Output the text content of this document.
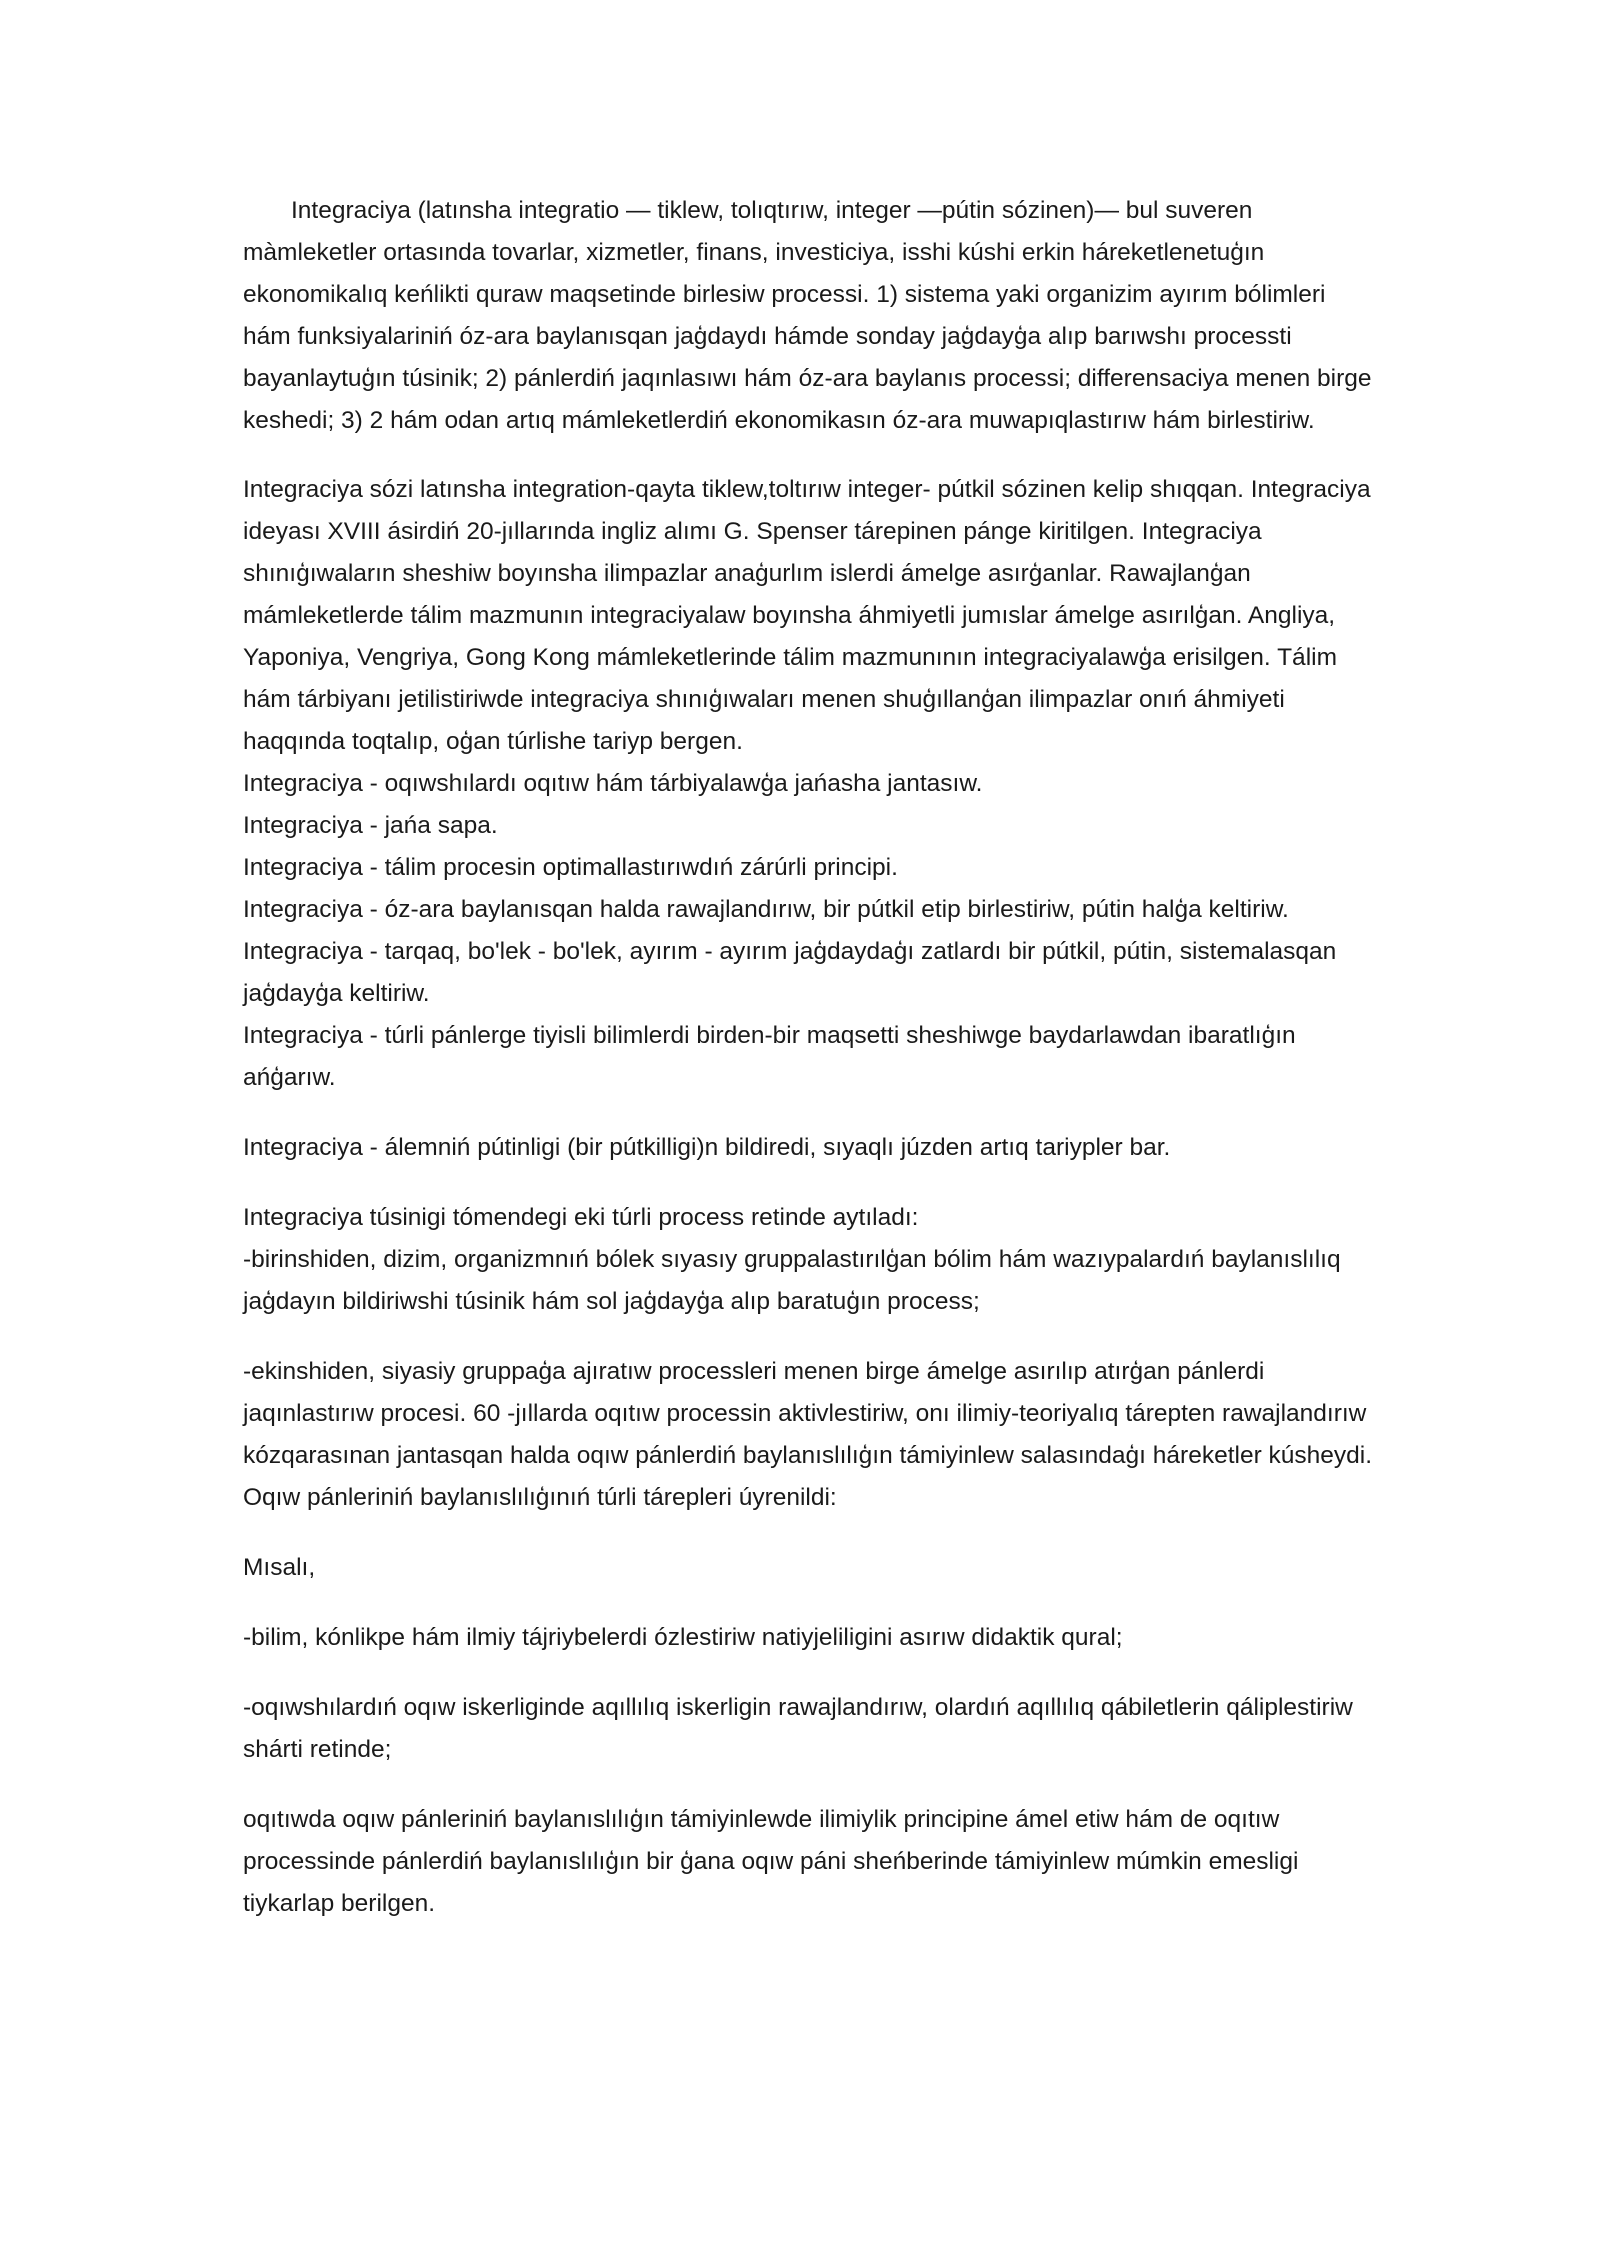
Integraciya (latınsha integratio — tiklew, tolıqtırıw, integer —pútin sózinen)— bul suveren màmleketler ortasında tovarlar, xizmetler, finans, investiciya, isshi kúshi erkin háreketlenetuģın ekonomikalıq keńlikti quraw maqsetinde birlesiw processi. 1) sistema yaki organizim ayırım bólimleri hám funksiyalariniń óz-ara baylanısqan jaģdaydı hámde sonday jaģdayģa alıp barıwshı processti bayanlaytuģın túsinik; 2) pánlerdiń jaqınlasıwı hám óz-ara baylanıs processi; differensaciya menen birge keshedi; 3) 2 hám odan artıq mámleketlerdiń ekonomikasın óz-ara muwapıqlastırıw hám birlestiriw.

Integraciya sózi latınsha integration-qayta tiklew,toltırıw integer- pútkil sózinen kelip shıqqan. Integraciya ideyası XVIII ásirdiń 20-jıllarında ingliz alımı G. Spenser tárepinen pánge kiritilgen. Integraciya shınıģıwaların sheshiw boyınsha ilimpazlar anaģurlım islerdi ámelge asırģanlar. Rawajlanģan mámleketlerde tálim mazmunın integraciyalaw boyınsha áhmiyetli jumıslar ámelge asırılģan. Angliya, Yaponiya, Vengriya, Gong Kong mámleketlerinde tálim mazmunının integraciyalawģa erisilgen. Tálim hám tárbiyanı jetilistiriwde integraciya shınıģıwaları menen shuģıllanģan ilimpazlar onıń áhmiyeti haqqında toqtalıp, oģan túrlishe tariyp bergen.

Integraciya - oqıwshılardı oqıtıw hám tárbiyalawģa jańasha jantasıw.

Integraciya - jańa sapa.

Integraciya - tálim procesin optimallastırıwdıń zárúrli principi.

Integraciya - óz-ara baylanısqan halda rawajlandırıw, bir pútkil etip birlestiriw, pútin halģa keltiriw.

Integraciya - tarqaq, bo'lek - bo'lek, ayırım - ayırım jaģdaydaģı zatlardı bir pútkil, pútin, sistemalasqan jaģdayģa keltiriw.

Integraciya - túrli pánlerge tiyisli bilimlerdi birden-bir maqsetti sheshiwge baydarlawdan ibaratlıģın ańģarıw.

Integraciya - álemniń pútinligi (bir pútkilligi)n bildiredi, sıyaqlı júzden artıq tariypler bar.

Integraciya túsinigi tómendegi eki túrli process retinde aytıladı:

-birinshiden, dizim, organizmnıń bólek sıyasıy gruppalastırılģan bólim hám wazıypalardıń baylanıslılıq jaģdayın bildiriwshi túsinik hám sol jaģdayģa alıp baratuģın process;

-ekinshiden, siyasiy gruppaģa ajıratıw processleri menen birge ámelge asırılıp atırģan pánlerdi jaqınlastırıw procesi. 60 -jıllarda oqıtıw processin aktivlestiriw, onı ilimiy-teoriyalıq tárepten rawajlandırıw kózqarasınan jantasqan halda oqıw pánlerdiń baylanıslılıģın támiyinlew salasındaģı háreketler kúsheydi. Oqıw pánleriniń baylanıslılıģınıń túrli tárepleri úyrenildi:

Mısalı,

-bilim, kónlikpe hám ilmiy tájriybelerdi ózlestiriw natiyjeliligini asırıw didaktik qural;

-oqıwshılardıń oqıw iskerliginde aqıllılıq iskerligin rawajlandırıw, olardıń aqıllılıq qábiletlerin qáliplestiriw shárti retinde;

oqıtıwda oqıw pánleriniń baylanıslılıģın támiyinlewde ilimiylik principine ámel etiw hám de oqıtıw processinde pánlerdiń baylanıslılıģın bir ģana oqıw páni sheńberinde támiyinlew múmkin emesligi tiykarlap berilgen.
